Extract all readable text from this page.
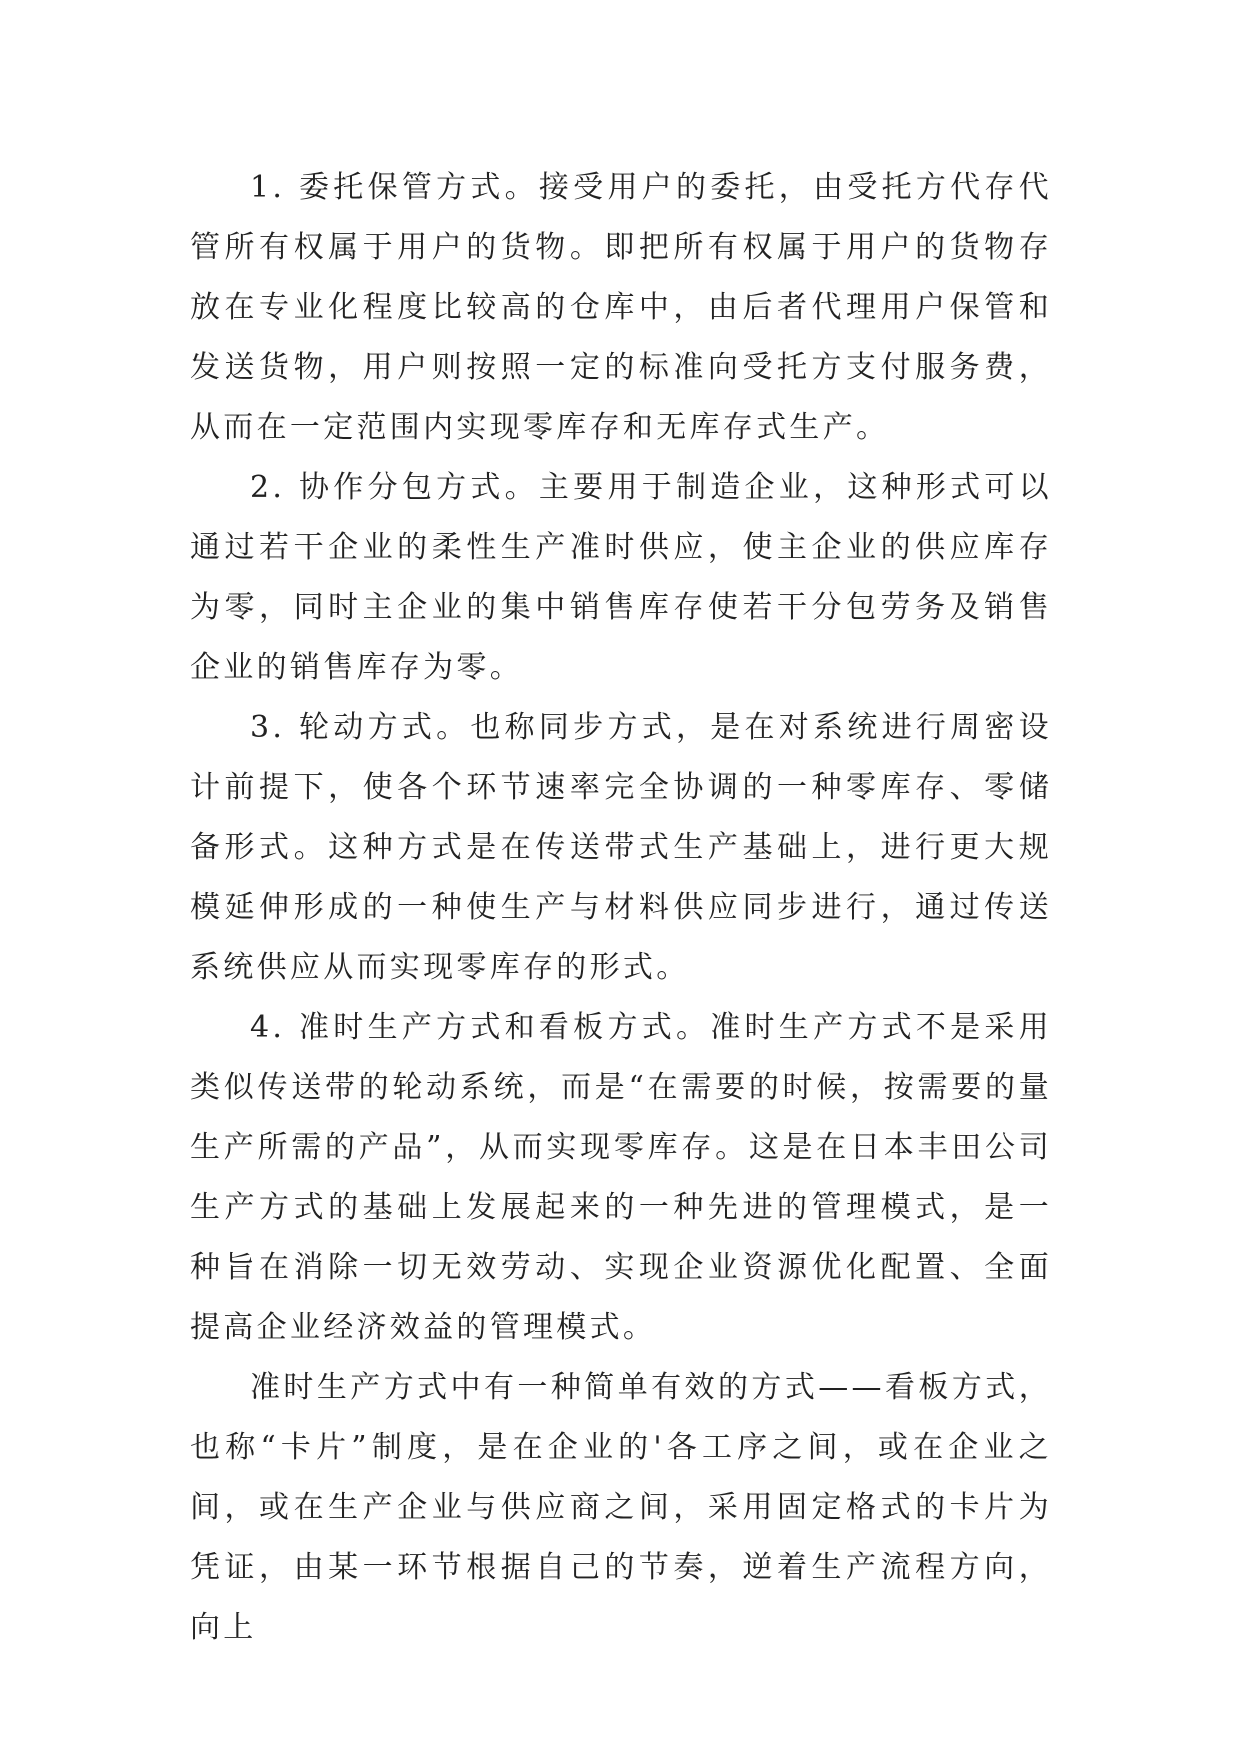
1. 委托保管方式。接受用户的委托，由受托方代存代管所有权属于用户的货物。即把所有权属于用户的货物存放在专业化程度比较高的仓库中，由后者代理用户保管和发送货物，用户则按照一定的标准向受托方支付服务费，从而在一定范围内实现零库存和无库存式生产。

2. 协作分包方式。主要用于制造企业，这种形式可以通过若干企业的柔性生产准时供应，使主企业的供应库存为零，同时主企业的集中销售库存使若干分包劳务及销售企业的销售库存为零。

3. 轮动方式。也称同步方式，是在对系统进行周密设计前提下，使各个环节速率完全协调的一种零库存、零储备形式。这种方式是在传送带式生产基础上，进行更大规模延伸形成的一种使生产与材料供应同步进行，通过传送系统供应从而实现零库存的形式。

4. 准时生产方式和看板方式。准时生产方式不是采用类似传送带的轮动系统，而是“在需要的时候，按需要的量生产所需的产品”，从而实现零库存。这是在日本丰田公司生产方式的基础上发展起来的一种先进的管理模式，是一种旨在消除一切无效劳动、实现企业资源优化配置、全面提高企业经济效益的管理模式。

准时生产方式中有一种简单有效的方式——看板方式，也称“卡片”制度，是在企业的'各工序之间，或在企业之间，或在生产企业与供应商之间，采用固定格式的卡片为凭证，由某一环节根据自己的节奏，逆着生产流程方向，向上
